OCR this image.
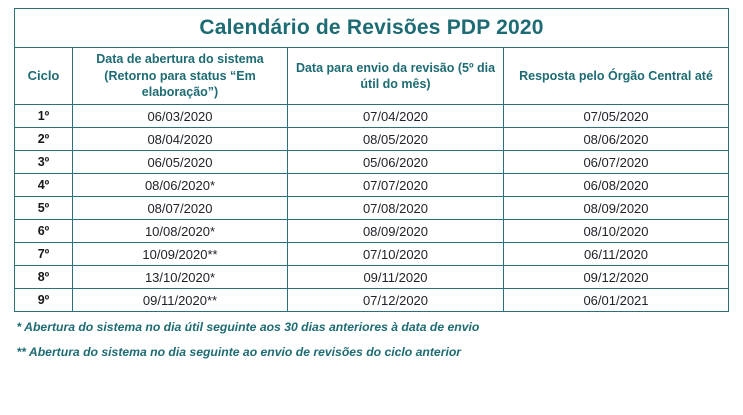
Calendário de Revisões PDP 2020			
Ciclo	Data de abertura do sistema (Retorno para status “Em elaboração”)	Data para envio da revisão (5º dia útil do mês)	Resposta pelo Órgão Central até
1º	06/03/2020	07/04/2020	07/05/2020
2º	08/04/2020	08/05/2020	08/06/2020
3º	06/05/2020	05/06/2020	06/07/2020
4º	08/06/2020*	07/07/2020	06/08/2020
5º	08/07/2020	07/08/2020	08/09/2020
6º	10/08/2020*	08/09/2020	08/10/2020
7º	10/09/2020**	07/10/2020	06/11/2020
8º	13/10/2020*	09/11/2020	09/12/2020
9º	09/11/2020**	07/12/2020	06/01/2021

* Abertura do sistema no dia útil seguinte aos 30 dias anteriores à data de envio

** Abertura do sistema no dia seguinte ao envio de revisões do ciclo anterior
